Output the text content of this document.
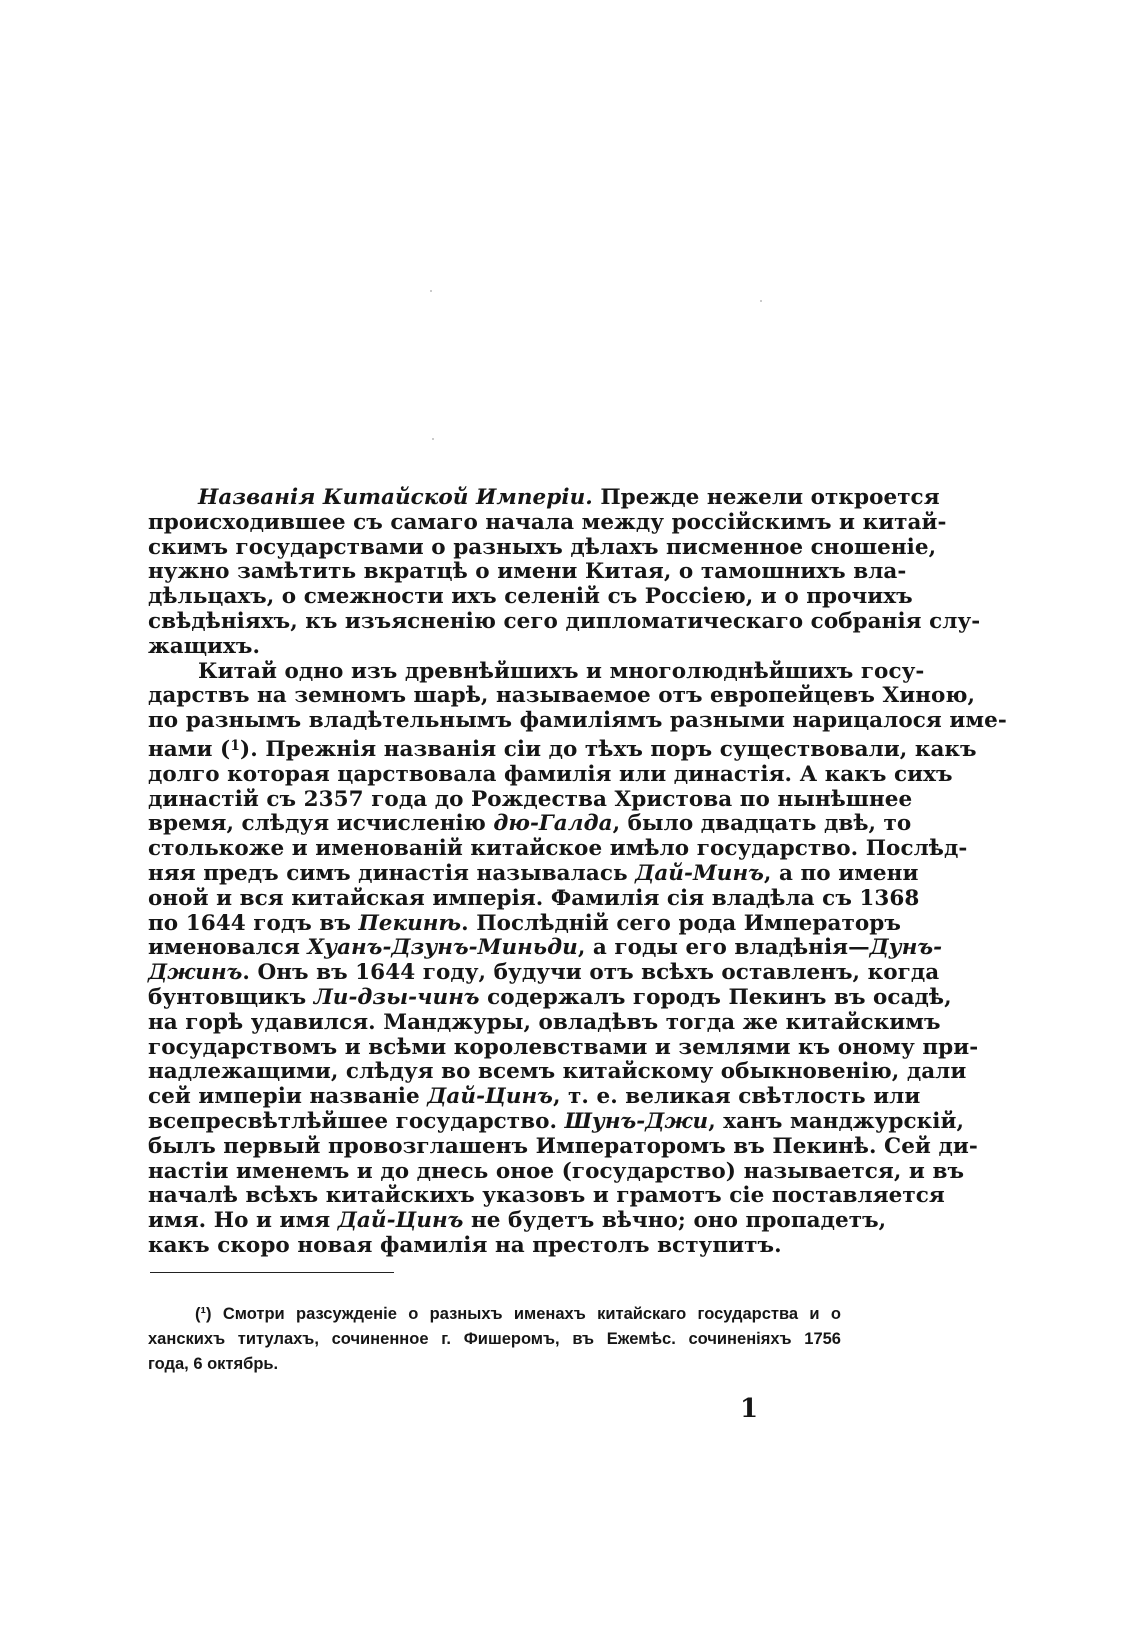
Названія Китайской Имперіи. Прежде нежели откроется
происходившее съ самаго начала между россійскимъ и китай-
скимъ государствами о разныхъ дѣлахъ писменное сношеніе,
нужно замѣтить вкратцѣ о имени Китая, о тамошнихъ вла-
дѣльцахъ, о смежности ихъ селеній съ Россіею, и о прочихъ
свѣдѣніяхъ, къ изъясненію сего дипломатическаго собранія слу-
жащихъ.
Китай одно изъ древнѣйшихъ и многолюднѣйшихъ госу-
дарствъ на земномъ шарѣ, называемое отъ европейцевъ Хиною,
по разнымъ владѣтельнымъ фамиліямъ разными нарицалося име-
нами ($^1$). Прежнія названія сіи до тѣхъ поръ существовали, какъ
долго которая царствовала фамилія или династія. А какъ сихъ
династій съ 2357 года до Рождества Христова по нынѣшнее
время, слѣдуя исчисленію дю-Галда, было двадцать двѣ, то
столькоже и именованій китайское имѣло государство. Послѣд-
няя предъ симъ династія называлась Дай-Минъ, а по имени
оной и вся китайская имперія. Фамилія сія владѣла съ 1368
по 1644 годъ въ Пекинѣ. Послѣдній сего рода Императоръ
именовался Хуанъ-Дзунъ-Миньди, а годы его владѣнія—Дунъ-
Джинъ. Онъ въ 1644 году, будучи отъ всѣхъ оставленъ, когда
бунтовщикъ Ли-дзы-чинъ содержалъ городъ Пекинъ въ осадѣ,
на горѣ удавился. Манджуры, овладѣвъ тогда же китайскимъ
государствомъ и всѣми королевствами и землями къ оному при-
надлежащими, слѣдуя во всемъ китайскому обыкновенію, дали
сей имперіи названіе Дай-Цинъ, т. е. великая свѣтлость или
всепресвѣтлѣйшее государство. Шунъ-Джи, ханъ манджурскій,
былъ первый провозглашенъ Императоромъ въ Пекинѣ. Сей ди-
настіи именемъ и до днесь оное (государство) называется, и въ
началѣ всѣхъ китайскихъ указовъ и грамотъ сіе поставляется
имя. Но и имя Дай-Цинъ не будетъ вѣчно; оно пропадетъ,
какъ скоро новая фамилія на престолъ вступитъ.
(¹) Смотри разсужденіе о разныхъ именахъ китайскаго государства и о
ханскихъ титулахъ, сочиненное г. Фишеромъ, въ Ежемѣс. сочиненіяхъ 1756
года, 6 октябрь.
1
